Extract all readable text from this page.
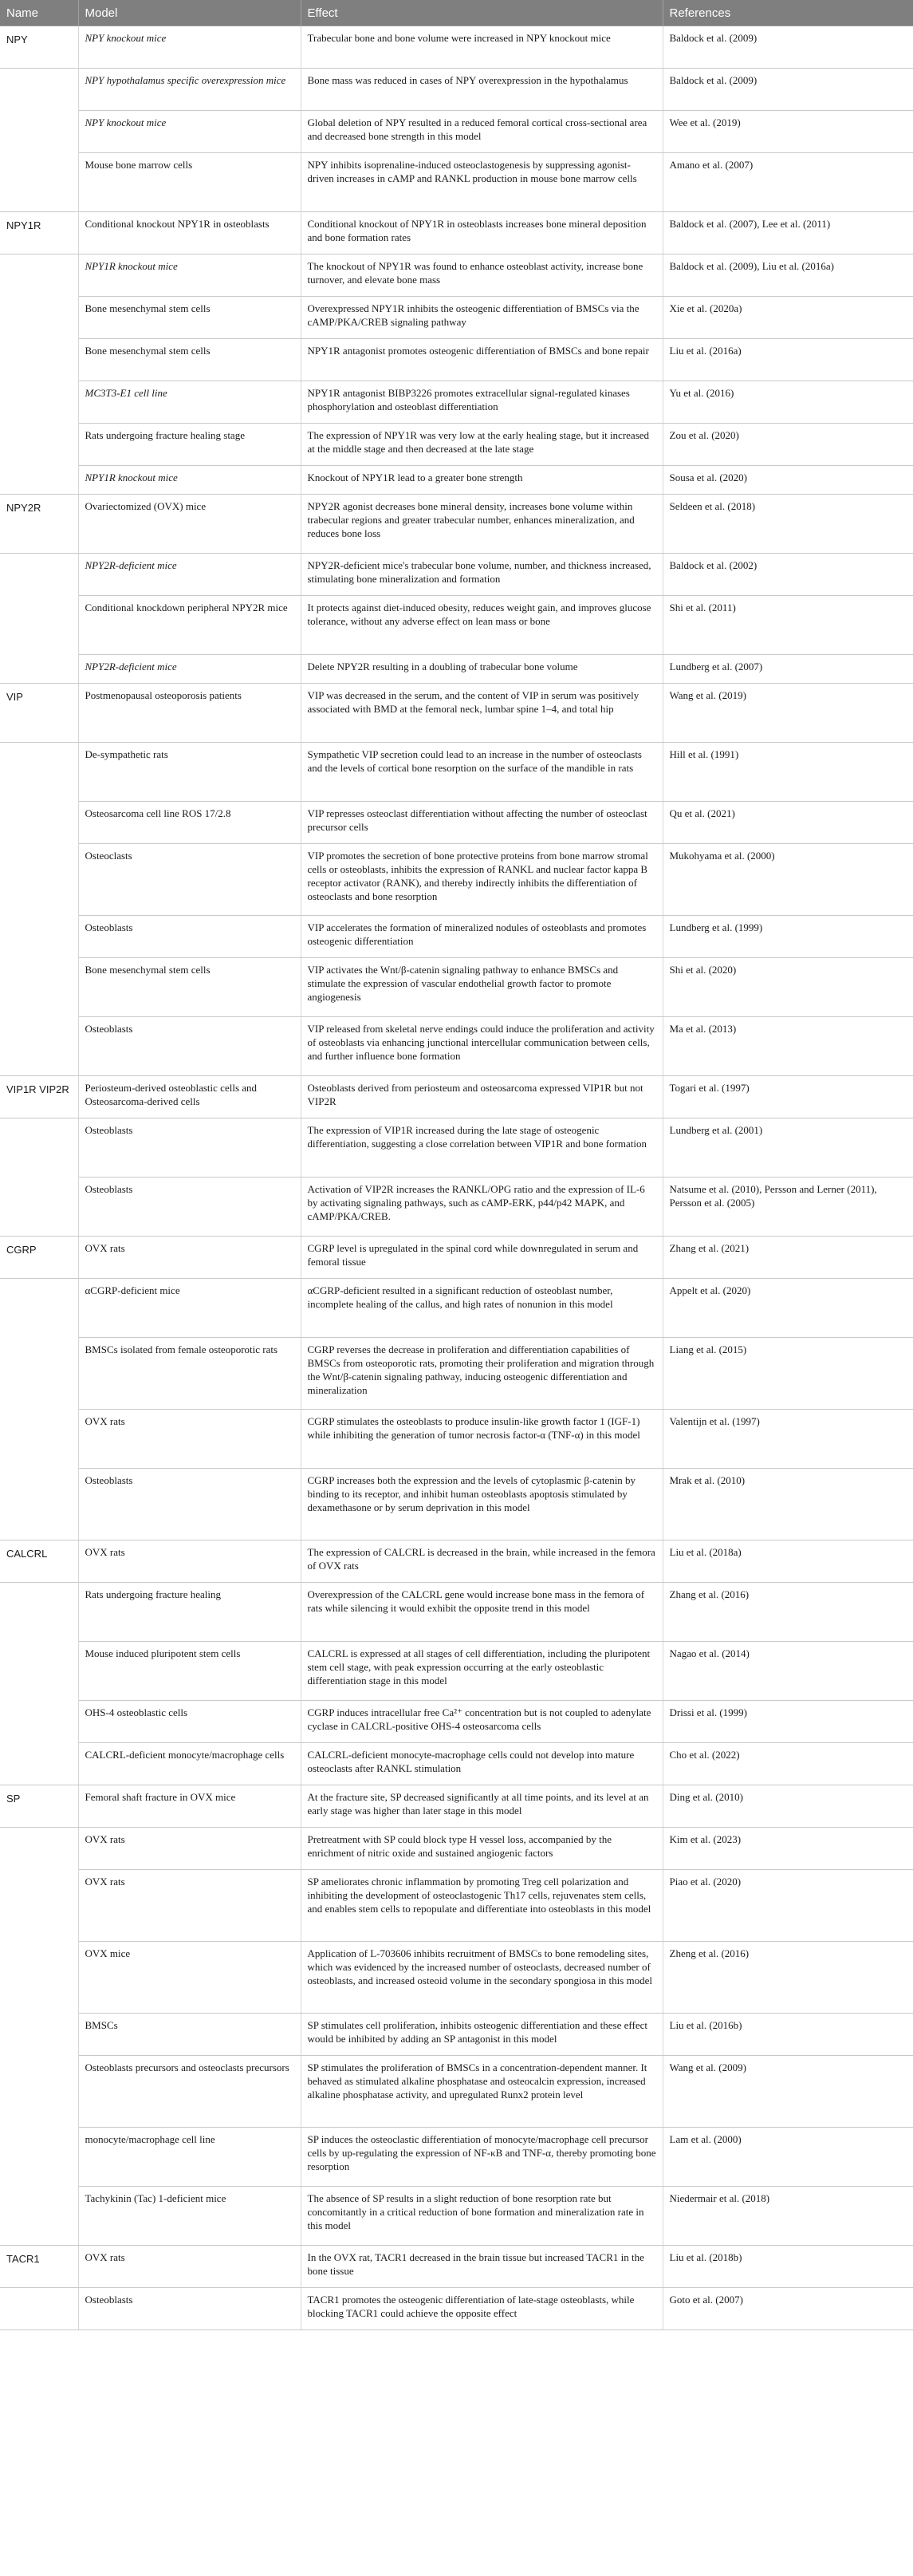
Name	Model	Effect	References
NPY	NPY knockout mice	Trabecular bone and bone volume were increased in NPY knockout mice	Baldock et al. (2009)
	NPY hypothalamus specific overexpression mice	Bone mass was reduced in cases of NPY overexpression in the hypothalamus	Baldock et al. (2009)
	NPY knockout mice	Global deletion of NPY resulted in a reduced femoral cortical cross-sectional area and decreased bone strength in this model	Wee et al. (2019)
	Mouse bone marrow cells	NPY inhibits isoprenaline-induced osteoclastogenesis by suppressing agonist-driven increases in cAMP and RANKL production in mouse bone marrow cells	Amano et al. (2007)
NPY1R	Conditional knockout NPY1R in osteoblasts	Conditional knockout of NPY1R in osteoblasts increases bone mineral deposition and bone formation rates	Baldock et al. (2007), Lee et al. (2011)
	NPY1R knockout mice	The knockout of NPY1R was found to enhance osteoblast activity, increase bone turnover, and elevate bone mass	Baldock et al. (2009), Liu et al. (2016a)
	Bone mesenchymal stem cells	Overexpressed NPY1R inhibits the osteogenic differentiation of BMSCs via the cAMP/PKA/CREB signaling pathway	Xie et al. (2020a)
	Bone mesenchymal stem cells	NPY1R antagonist promotes osteogenic differentiation of BMSCs and bone repair	Liu et al. (2016a)
	MC3T3-E1 cell line	NPY1R antagonist BIBP3226 promotes extracellular signal-regulated kinases phosphorylation and osteoblast differentiation	Yu et al. (2016)
	Rats undergoing fracture healing stage	The expression of NPY1R was very low at the early healing stage, but it increased at the middle stage and then decreased at the late stage	Zou et al. (2020)
	NPY1R knockout mice	Knockout of NPY1R lead to a greater bone strength	Sousa et al. (2020)
NPY2R	Ovariectomized (OVX) mice	NPY2R agonist decreases bone mineral density, increases bone volume within trabecular regions and greater trabecular number, enhances mineralization, and reduces bone loss	Seldeen et al. (2018)
	NPY2R-deficient mice	NPY2R-deficient mice's trabecular bone volume, number, and thickness increased, stimulating bone mineralization and formation	Baldock et al. (2002)
	Conditional knockdown peripheral NPY2R mice	It protects against diet-induced obesity, reduces weight gain, and improves glucose tolerance, without any adverse effect on lean mass or bone	Shi et al. (2011)
	NPY2R-deficient mice	Delete NPY2R resulting in a doubling of trabecular bone volume	Lundberg et al. (2007)
VIP	Postmenopausal osteoporosis patients	VIP was decreased in the serum, and the content of VIP in serum was positively associated with BMD at the femoral neck, lumbar spine 1–4, and total hip	Wang et al. (2019)
	De-sympathetic rats	Sympathetic VIP secretion could lead to an increase in the number of osteoclasts and the levels of cortical bone resorption on the surface of the mandible in rats	Hill et al. (1991)
	Osteosarcoma cell line ROS 17/2.8	VIP represses osteoclast differentiation without affecting the number of osteoclast precursor cells	Qu et al. (2021)
	Osteoclasts	VIP promotes the secretion of bone protective proteins from bone marrow stromal cells or osteoblasts, inhibits the expression of RANKL and nuclear factor kappa B receptor activator (RANK), and thereby indirectly inhibits the differentiation of osteoclasts and bone resorption	Mukohyama et al. (2000)
	Osteoblasts	VIP accelerates the formation of mineralized nodules of osteoblasts and promotes osteogenic differentiation	Lundberg et al. (1999)
	Bone mesenchymal stem cells	VIP activates the Wnt/β-catenin signaling pathway to enhance BMSCs and stimulate the expression of vascular endothelial growth factor to promote angiogenesis	Shi et al. (2020)
	Osteoblasts	VIP released from skeletal nerve endings could induce the proliferation and activity of osteoblasts via enhancing junctional intercellular communication between cells, and further influence bone formation	Ma et al. (2013)
VIP1R VIP2R	Periosteum-derived osteoblastic cells and Osteosarcoma-derived cells	Osteoblasts derived from periosteum and osteosarcoma expressed VIP1R but not VIP2R	Togari et al. (1997)
	Osteoblasts	The expression of VIP1R increased during the late stage of osteogenic differentiation, suggesting a close correlation between VIP1R and bone formation	Lundberg et al. (2001)
	Osteoblasts	Activation of VIP2R increases the RANKL/OPG ratio and the expression of IL-6 by activating signaling pathways, such as cAMP-ERK, p44/p42 MAPK, and cAMP/PKA/CREB.	Natsume et al. (2010), Persson and Lerner (2011), Persson et al. (2005)
CGRP	OVX rats	CGRP level is upregulated in the spinal cord while downregulated in serum and femoral tissue	Zhang et al. (2021)
	αCGRP-deficient mice	αCGRP-deficient resulted in a significant reduction of osteoblast number, incomplete healing of the callus, and high rates of nonunion in this model	Appelt et al. (2020)
	BMSCs isolated from female osteoporotic rats	CGRP reverses the decrease in proliferation and differentiation capabilities of BMSCs from osteoporotic rats, promoting their proliferation and migration through the Wnt/β-catenin signaling pathway, inducing osteogenic differentiation and mineralization	Liang et al. (2015)
	OVX rats	CGRP stimulates the osteoblasts to produce insulin-like growth factor 1 (IGF-1) while inhibiting the generation of tumor necrosis factor-α (TNF-α) in this model	Valentijn et al. (1997)
	Osteoblasts	CGRP increases both the expression and the levels of cytoplasmic β-catenin by binding to its receptor, and inhibit human osteoblasts apoptosis stimulated by dexamethasone or by serum deprivation in this model	Mrak et al. (2010)
CALCRL	OVX rats	The expression of CALCRL is decreased in the brain, while increased in the femora of OVX rats	Liu et al. (2018a)
	Rats undergoing fracture healing	Overexpression of the CALCRL gene would increase bone mass in the femora of rats while silencing it would exhibit the opposite trend in this model	Zhang et al. (2016)
	Mouse induced pluripotent stem cells	CALCRL is expressed at all stages of cell differentiation, including the pluripotent stem cell stage, with peak expression occurring at the early osteoblastic differentiation stage in this model	Nagao et al. (2014)
	OHS-4 osteoblastic cells	CGRP induces intracellular free Ca²⁺ concentration but is not coupled to adenylate cyclase in CALCRL-positive OHS-4 osteosarcoma cells	Drissi et al. (1999)
	CALCRL-deficient monocyte/macrophage cells	CALCRL-deficient monocyte-macrophage cells could not develop into mature osteoclasts after RANKL stimulation	Cho et al. (2022)
SP	Femoral shaft fracture in OVX mice	At the fracture site, SP decreased significantly at all time points, and its level at an early stage was higher than later stage in this model	Ding et al. (2010)
	OVX rats	Pretreatment with SP could block type H vessel loss, accompanied by the enrichment of nitric oxide and sustained angiogenic factors	Kim et al. (2023)
	OVX rats	SP ameliorates chronic inflammation by promoting Treg cell polarization and inhibiting the development of osteoclastogenic Th17 cells, rejuvenates stem cells, and enables stem cells to repopulate and differentiate into osteoblasts in this model	Piao et al. (2020)
	OVX mice	Application of L-703606 inhibits recruitment of BMSCs to bone remodeling sites, which was evidenced by the increased number of osteoclasts, decreased number of osteoblasts, and increased osteoid volume in the secondary spongiosa in this model	Zheng et al. (2016)
	BMSCs	SP stimulates cell proliferation, inhibits osteogenic differentiation and these effect would be inhibited by adding an SP antagonist in this model	Liu et al. (2016b)
	Osteoblasts precursors and osteoclasts precursors	SP stimulates the proliferation of BMSCs in a concentration-dependent manner. It behaved as stimulated alkaline phosphatase and osteocalcin expression, increased alkaline phosphatase activity, and upregulated Runx2 protein level	Wang et al. (2009)
	monocyte/macrophage cell line	SP induces the osteoclastic differentiation of monocyte/macrophage cell precursor cells by up-regulating the expression of NF-κB and TNF-α, thereby promoting bone resorption	Lam et al. (2000)
	Tachykinin (Tac) 1-deficient mice	The absence of SP results in a slight reduction of bone resorption rate but concomitantly in a critical reduction of bone formation and mineralization rate in this model	Niedermair et al. (2018)
TACR1	OVX rats	In the OVX rat, TACR1 decreased in the brain tissue but increased TACR1 in the bone tissue	Liu et al. (2018b)
	Osteoblasts	TACR1 promotes the osteogenic differentiation of late-stage osteoblasts, while blocking TACR1 could achieve the opposite effect	Goto et al. (2007)
